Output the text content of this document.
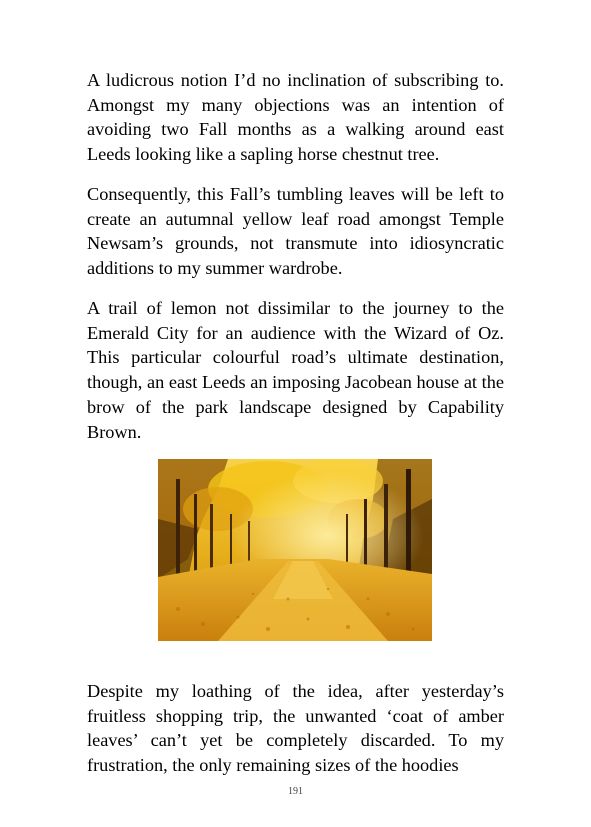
A ludicrous notion I’d no inclination of subscribing to. Amongst my many objections was an intention of avoiding two Fall months as a walking around east Leeds looking like a sapling horse chestnut tree.

Consequently, this Fall’s tumbling leaves will be left to create an autumnal yellow leaf road amongst Temple Newsam’s grounds, not transmute into idiosyncratic additions to my summer wardrobe.

A trail of lemon not dissimilar to the journey to the Emerald City for an audience with the Wizard of Oz. This particular colourful road’s ultimate destination, though, an east Leeds an imposing Jacobean house at the brow of the park landscape designed by Capability Brown.

Despite my loathing of the idea, after yesterday’s fruitless shopping trip, the unwanted ‘coat of amber leaves’ can’t yet be completely discarded. To my frustration, the only remaining sizes of the hoodies

191
